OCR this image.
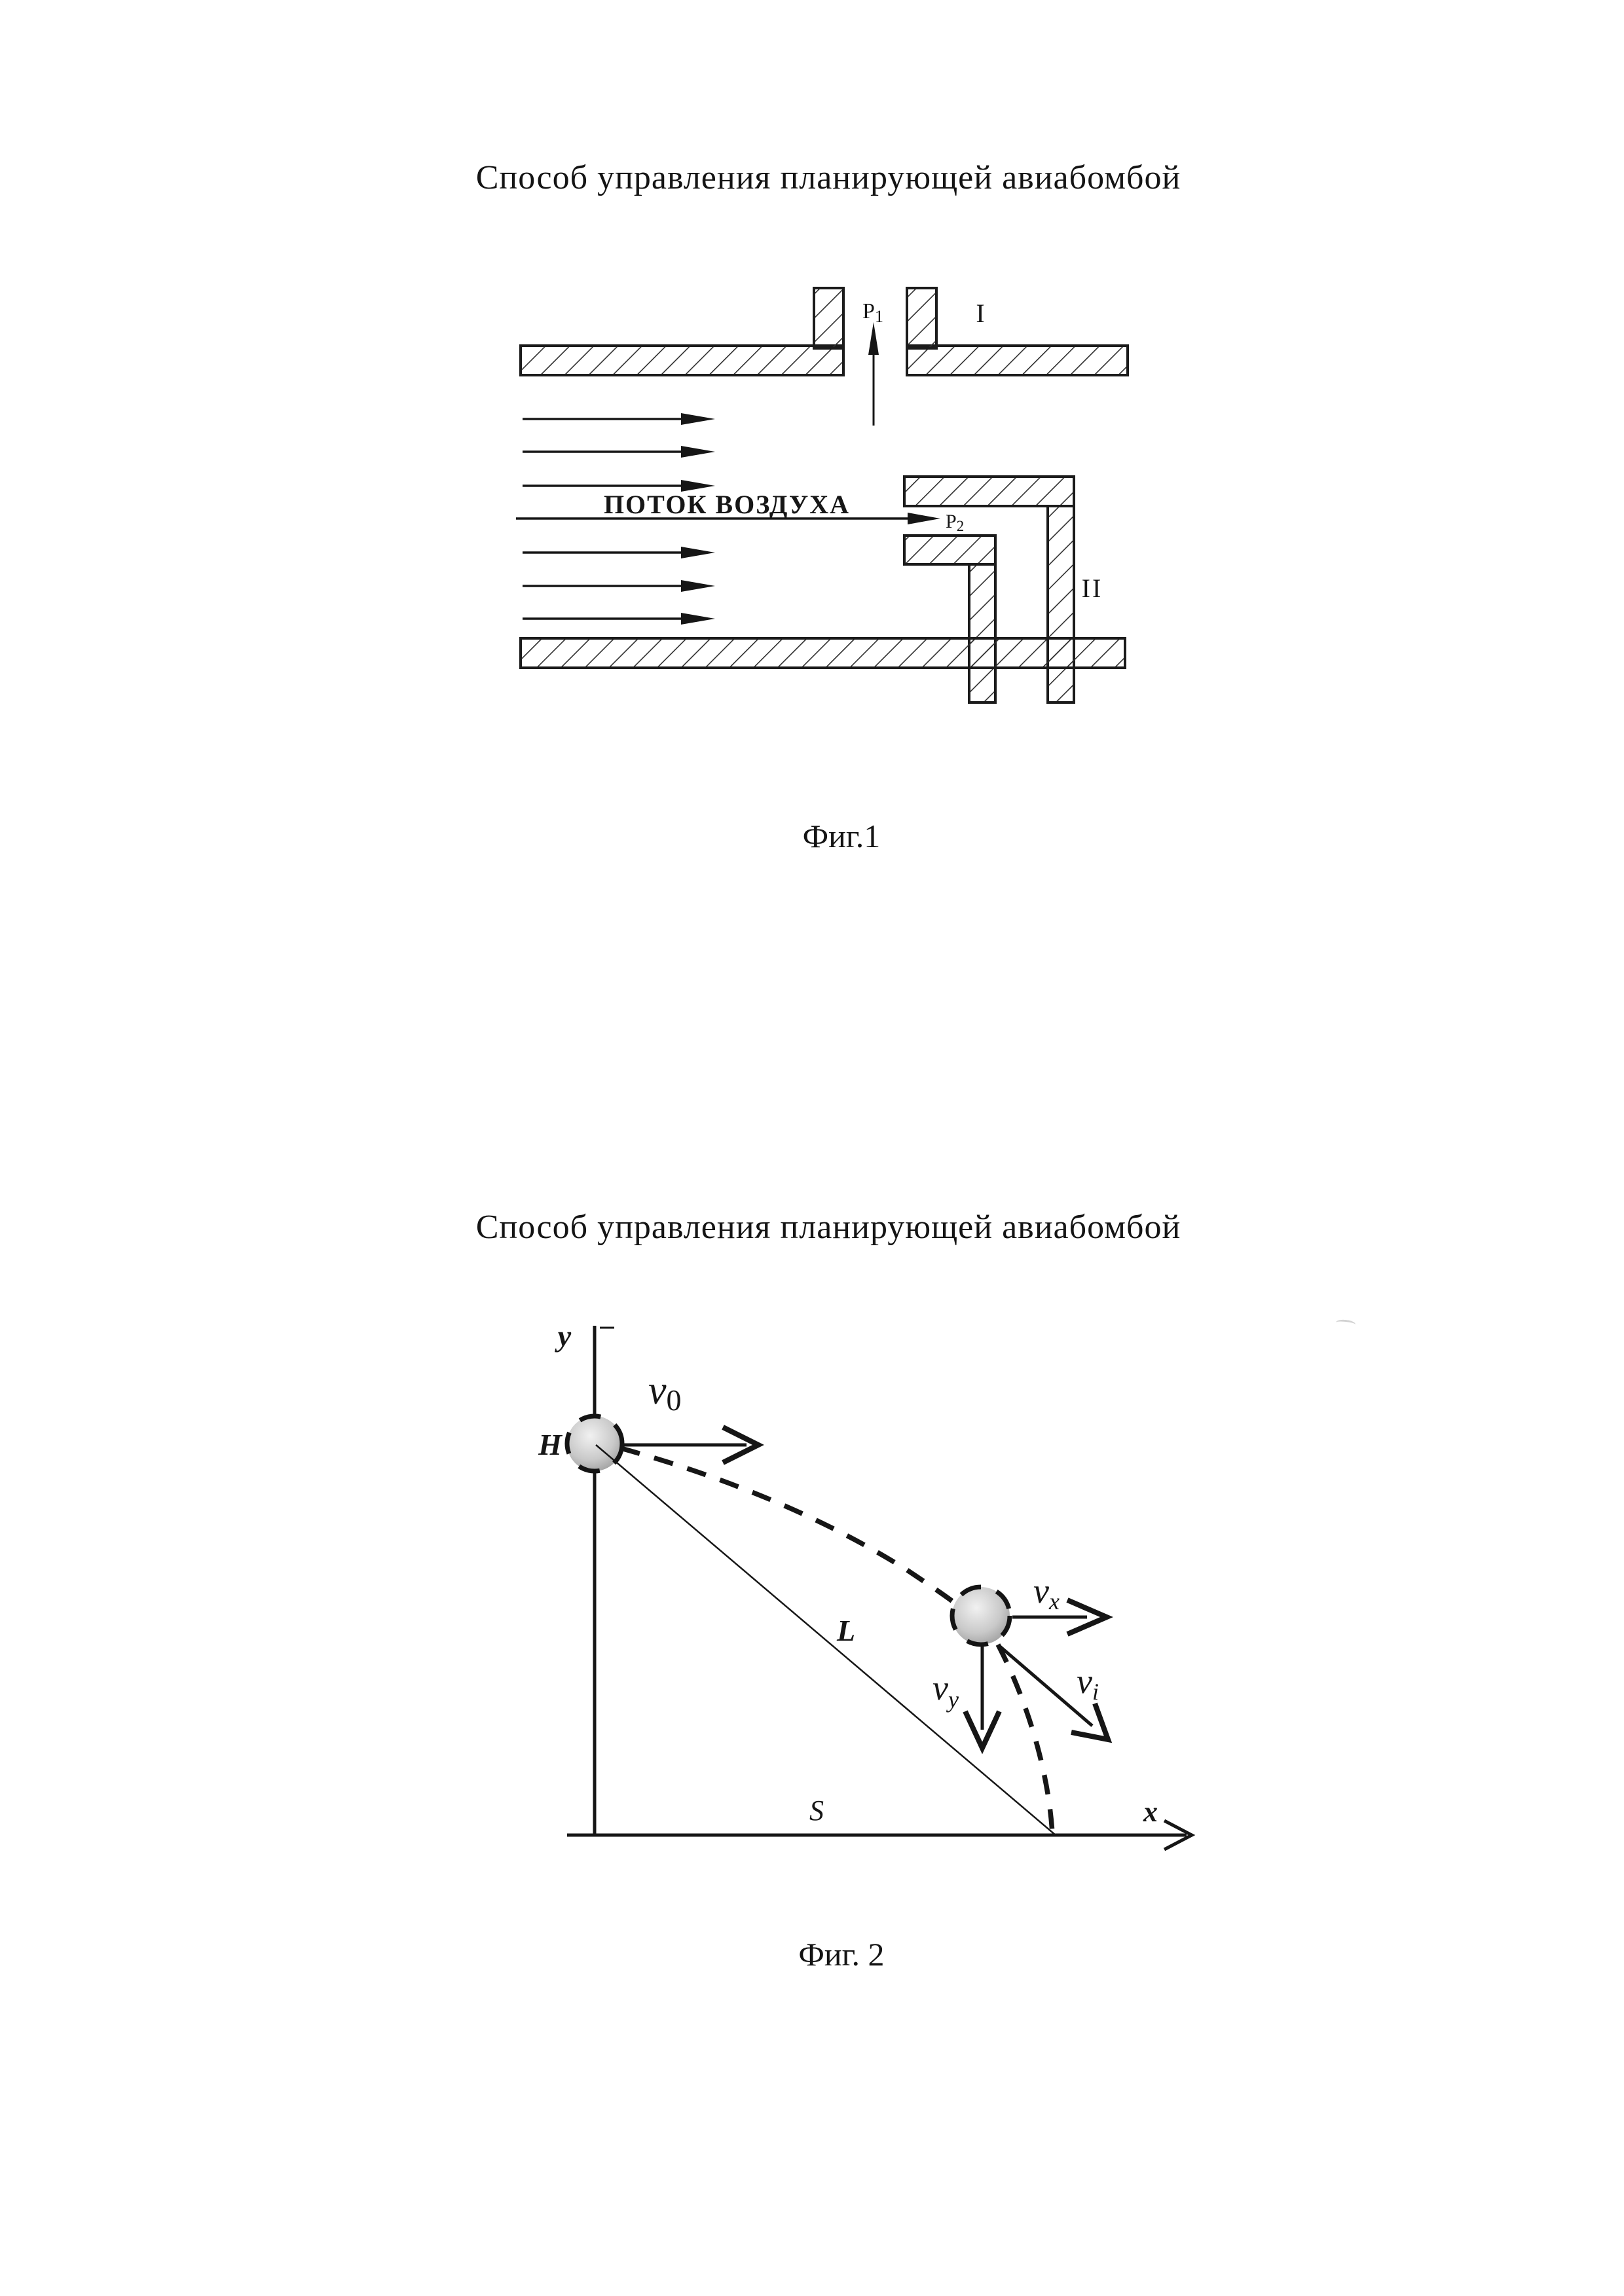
Способ управления планирующей авиабомбой
Р1	I
ПОТОК ВОЗДУХА
Р2
II
Фиг.1
Способ управления планирующей авиабомбой
y
x
H
v0
L
S
vx
$v_y$	vi
Фиг. 2
